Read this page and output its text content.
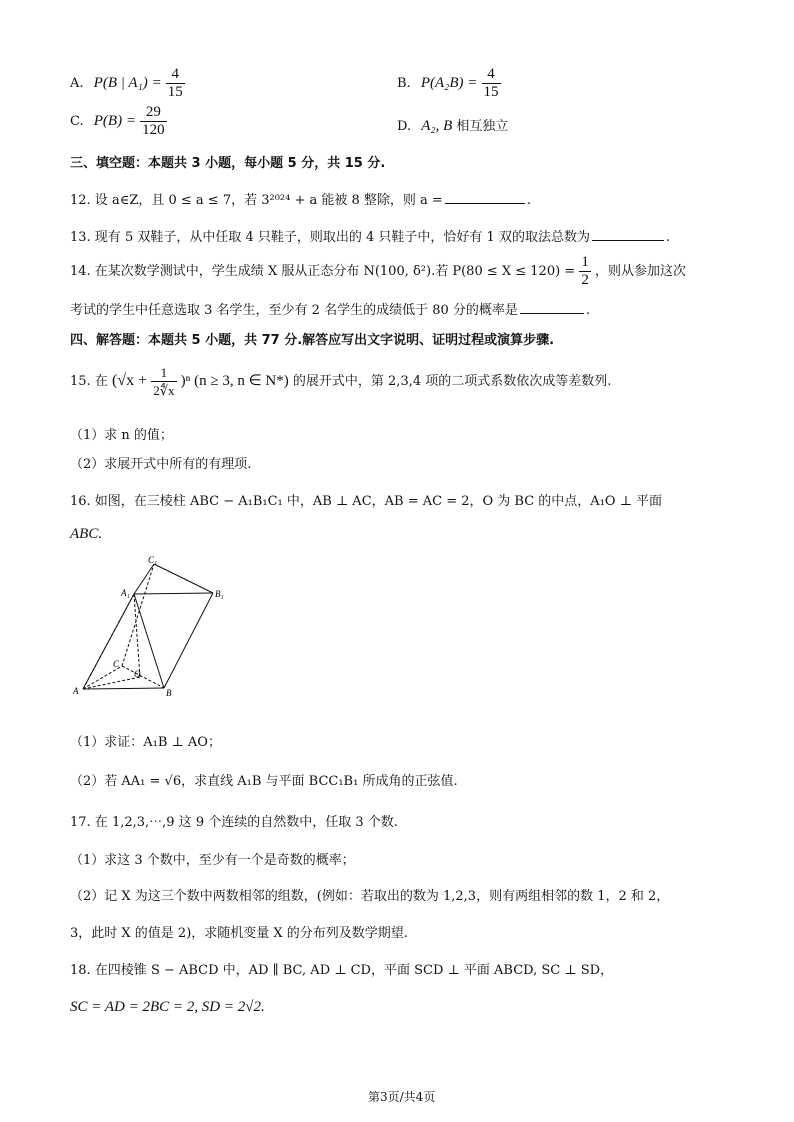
A. P(B | $A_1) = \frac{4}{15}$	B. $P(A_2B) = \frac{4}{15}$
C. $P(B) = \frac{29}{120}$	D. A₂, B 相互独立
三、填空题：本题共 3 小题，每小题 5 分，共 15 分.
12. 设 a∈Z，且 0 ≤ a ≤ 7，若 3²⁰²⁴ + a 能被 8 整除，则 a =	.
13. 现有 5 双鞋子，从中任取 4 只鞋子，则取出的 4 只鞋子中，恰好有 1 双的取法总数为	.
14. 在某次数学测试中，学生成绩 X 服从正态分布 N(100, δ²).若 $P(80 \le X \le 120) = \frac{1}{2}$ ，则从参加这次
考试的学生中任意选取 3 名学生，至少有 2 名学生的成绩低于 80 分的概率是	.
四、解答题：本题共 5 小题，共 77 分.解答应写出文字说明、证明过程或演算步骤.
15. 在 $(√x + \frac{1}{2∜x} )^n$ (n ≥ 3, n ∈ N*) 的展开式中，第 2,3,4 项的二项式系数依次成等差数列.
（1）求 n 的值；
（2）求展开式中所有的有理项.
16. 如图，在三棱柱 ABC − A₁B₁C₁ 中，AB ⊥ AC，AB = AC = 2，O 为 BC 的中点，A₁O ⊥ 平面
ABC.
C₁
A₁	B₁
C
O
A	B
（1）求证：A₁B ⊥ AO；
（2）若 AA₁ = √6，求直线 A₁B 与平面 BCC₁B₁ 所成角的正弦值.
17. 在 1,2,3,⋯,9 这 9 个连续的自然数中，任取 3 个数.
（1）求这 3 个数中，至少有一个是奇数的概率；
（2）记 X 为这三个数中两数相邻的组数，(例如：若取出的数为 1,2,3，则有两组相邻的数 1，2 和 2，
3，此时 X 的值是 2)，求随机变量 X 的分布列及数学期望.
18. 在四棱锥 S − ABCD 中，AD ∥ BC, AD ⊥ CD，平面 SCD ⊥ 平面 ABCD, SC ⊥ SD，
SC = AD = 2BC = 2, SD = 2√2.
第3页/共4页
